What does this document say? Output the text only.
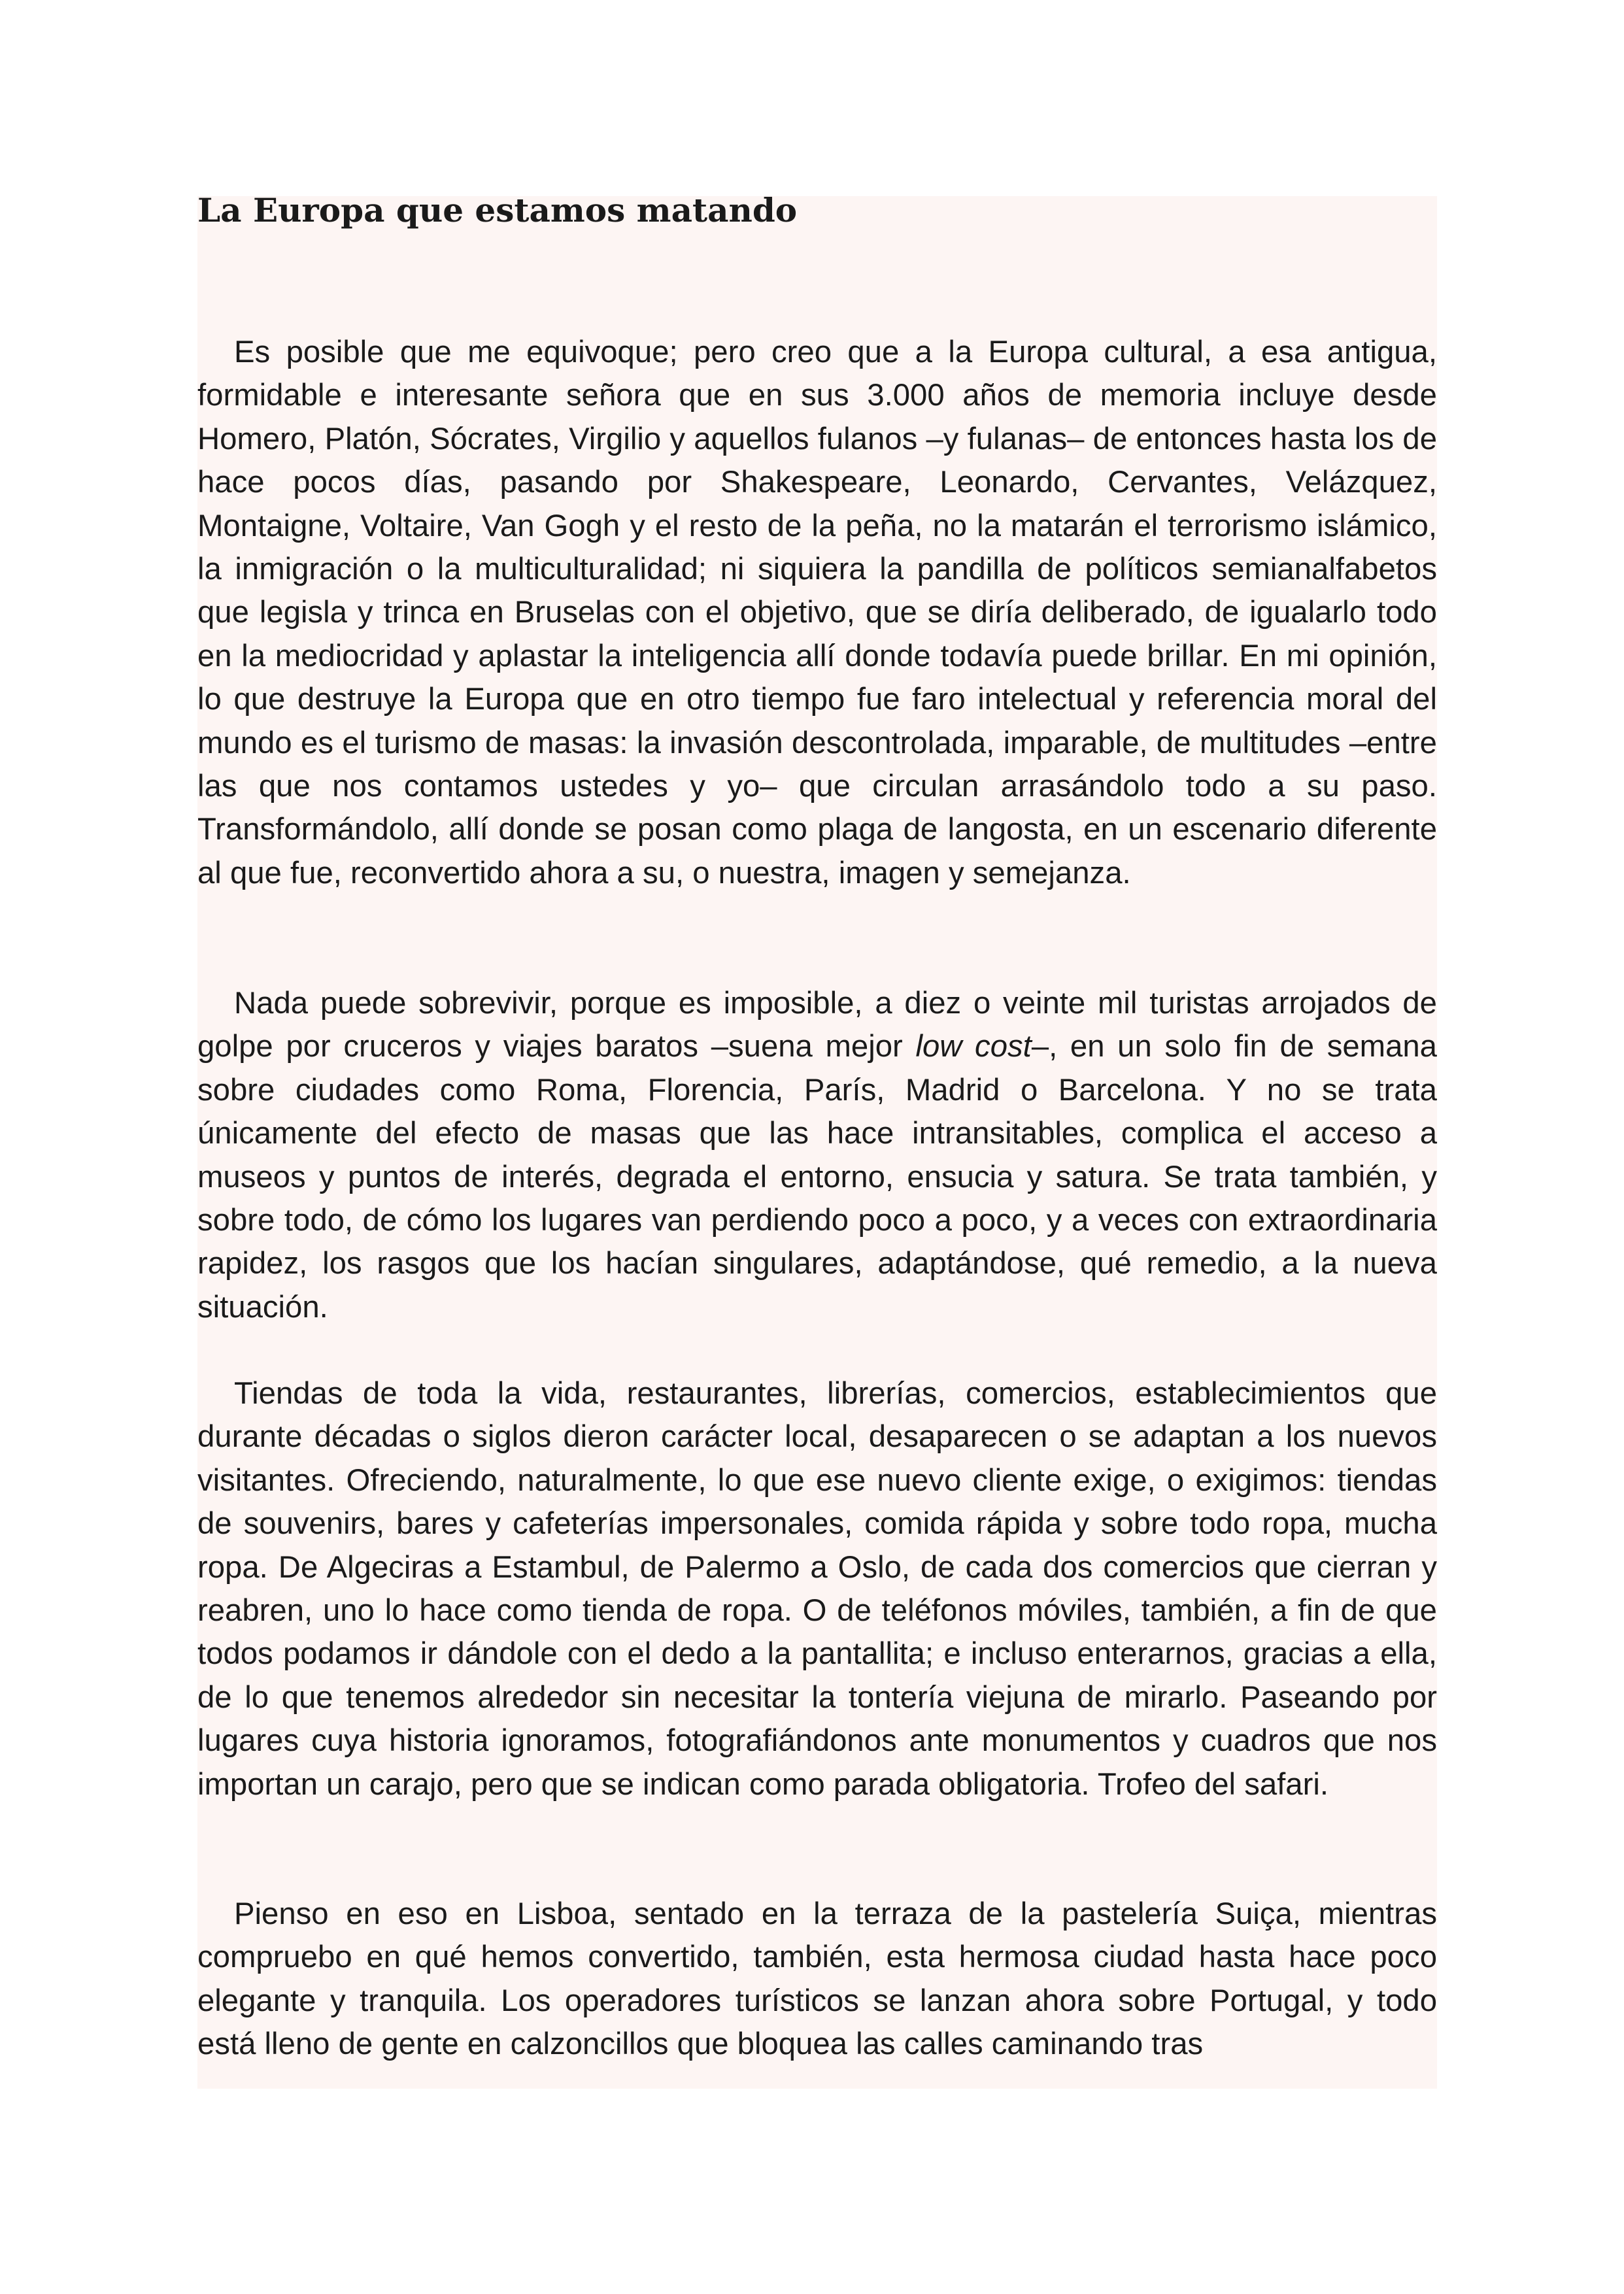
La Europa que estamos matando

Es posible que me equivoque; pero creo que a la Europa cultural, a esa antigua, formidable e interesante señora que en sus 3.000 años de memoria incluye desde Homero, Platón, Sócrates, Virgilio y aquellos fulanos –y fulanas– de entonces hasta los de hace pocos días, pasando por Shakespeare, Leonardo, Cervantes, Velázquez, Montaigne, Voltaire, Van Gogh y el resto de la peña, no la matarán el terrorismo islámico, la inmigración o la multiculturalidad; ni siquiera la pandilla de políticos semianalfabetos que legisla y trinca en Bruselas con el objetivo, que se diría deliberado, de igualarlo todo en la mediocridad y aplastar la inteligencia allí donde todavía puede brillar. En mi opinión, lo que destruye la Europa que en otro tiempo fue faro intelectual y referencia moral del mundo es el turismo de masas: la invasión descontrolada, imparable, de multitudes –entre las que nos contamos ustedes y yo– que circulan arrasándolo todo a su paso. Transformándolo, allí donde se posan como plaga de langosta, en un escenario diferente al que fue, reconvertido ahora a su, o nuestra, imagen y semejanza.

Nada puede sobrevivir, porque es imposible, a diez o veinte mil turistas arrojados de golpe por cruceros y viajes baratos –suena mejor low cost–, en un solo fin de semana sobre ciudades como Roma, Florencia, París, Madrid o Barcelona. Y no se trata únicamente del efecto de masas que las hace intransitables, complica el acceso a museos y puntos de interés, degrada el entorno, ensucia y satura. Se trata también, y sobre todo, de cómo los lugares van perdiendo poco a poco, y a veces con extraordinaria rapidez, los rasgos que los hacían singulares, adaptándose, qué remedio, a la nueva situación.

Tiendas de toda la vida, restaurantes, librerías, comercios, establecimientos que durante décadas o siglos dieron carácter local, desaparecen o se adaptan a los nuevos visitantes. Ofreciendo, naturalmente, lo que ese nuevo cliente exige, o exigimos: tiendas de souvenirs, bares y cafeterías impersonales, comida rápida y sobre todo ropa, mucha ropa. De Algeciras a Estambul, de Palermo a Oslo, de cada dos comercios que cierran y reabren, uno lo hace como tienda de ropa. O de teléfonos móviles, también, a fin de que todos podamos ir dándole con el dedo a la pantallita; e incluso enterarnos, gracias a ella, de lo que tenemos alrededor sin necesitar la tontería viejuna de mirarlo. Paseando por lugares cuya historia ignoramos, fotografiándonos ante monumentos y cuadros que nos importan un carajo, pero que se indican como parada obligatoria. Trofeo del safari.

Pienso en eso en Lisboa, sentado en la terraza de la pastelería Suiça, mientras compruebo en qué hemos convertido, también, esta hermosa ciudad hasta hace poco elegante y tranquila. Los operadores turísticos se lanzan ahora sobre Portugal, y todo está lleno de gente en calzoncillos que bloquea las calles caminando tras
